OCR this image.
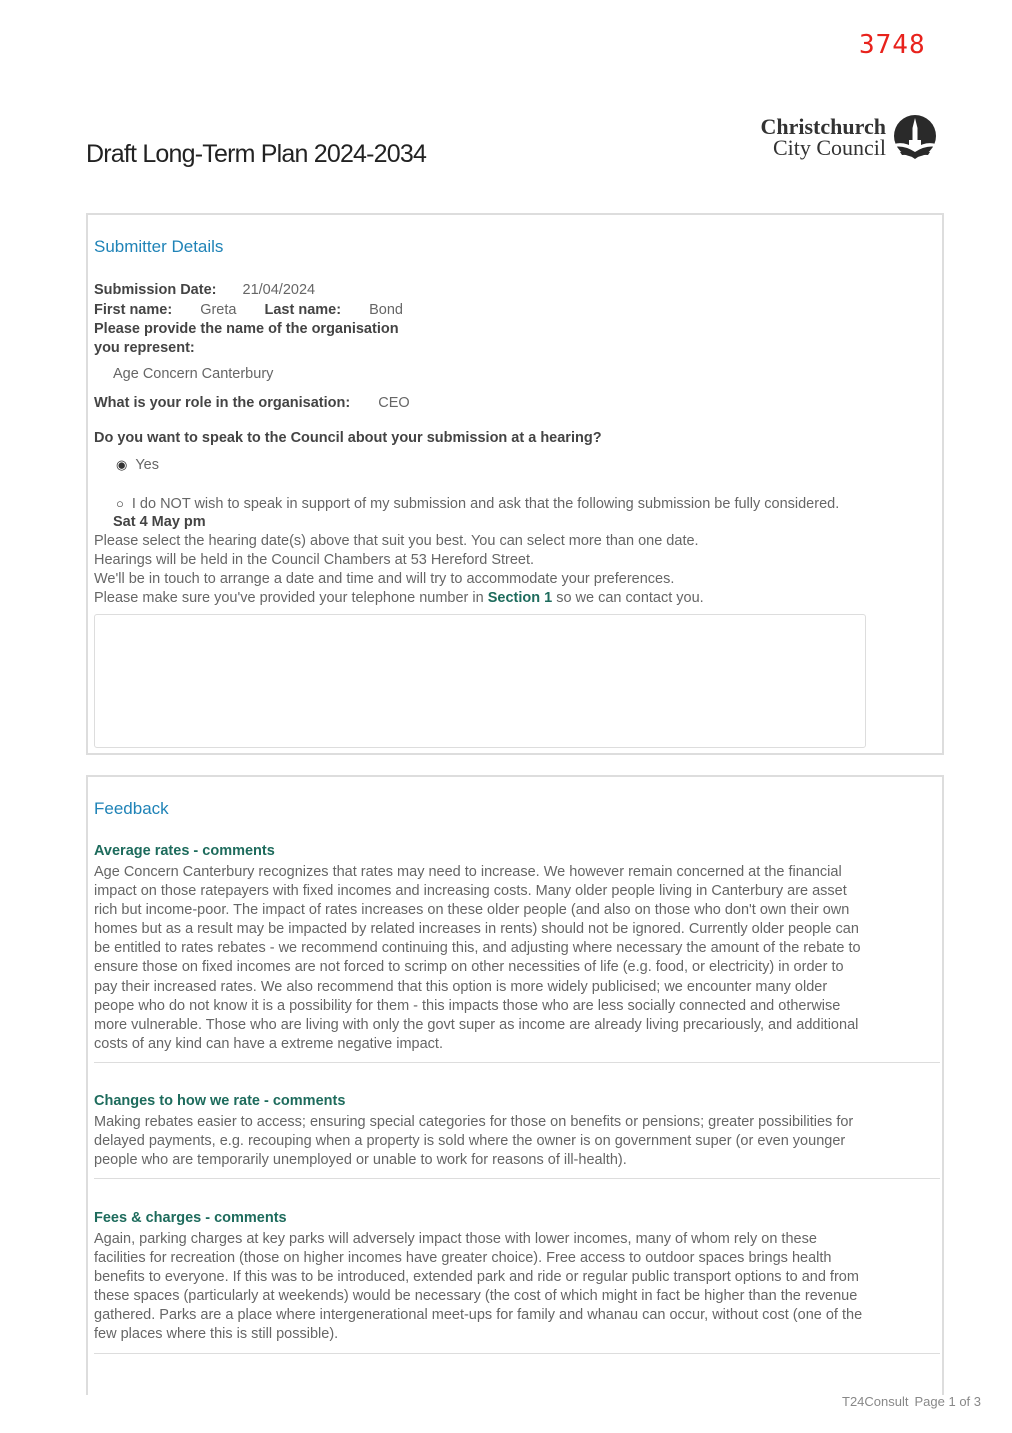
3748
Draft Long-Term Plan 2024-2034
Christchurch
City Council
Submitter Details
Submission Date: 21/04/2024
First name: Greta Last name: Bond
Please provide the name of the organisation
you represent:
Age Concern Canterbury
What is your role in the organisation: CEO
Do you want to speak to the Council about your submission at a hearing?
◉ Yes
○ I do NOT wish to speak in support of my submission and ask that the following submission be fully considered.
Sat 4 May pm
Please select the hearing date(s) above that suit you best. You can select more than one date.
Hearings will be held in the Council Chambers at 53 Hereford Street.
We'll be in touch to arrange a date and time and will try to accommodate your preferences.
Please make sure you've provided your telephone number in Section 1 so we can contact you.
Feedback
Average rates - comments
Age Concern Canterbury recognizes that rates may need to increase. We however remain concerned at the financial impact on those ratepayers with fixed incomes and increasing costs. Many older people living in Canterbury are asset rich but income-poor. The impact of rates increases on these older people (and also on those who don't own their own homes but as a result may be impacted by related increases in rents) should not be ignored. Currently older people can be entitled to rates rebates - we recommend continuing this, and adjusting where necessary the amount of the rebate to ensure those on fixed incomes are not forced to scrimp on other necessities of life (e.g. food, or electricity) in order to pay their increased rates. We also recommend that this option is more widely publicised; we encounter many older peope who do not know it is a possibility for them - this impacts those who are less socially connected and otherwise more vulnerable. Those who are living with only the govt super as income are already living precariously, and additional costs of any kind can have a extreme negative impact.
Changes to how we rate - comments
Making rebates easier to access; ensuring special categories for those on benefits or pensions; greater possibilities for delayed payments, e.g. recouping when a property is sold where the owner is on government super (or even younger people who are temporarily unemployed or unable to work for reasons of ill-health).
Fees & charges - comments
Again, parking charges at key parks will adversely impact those with lower incomes, many of whom rely on these facilities for recreation (those on higher incomes have greater choice). Free access to outdoor spaces brings health benefits to everyone. If this was to be introduced, extended park and ride or regular public transport options to and from these spaces (particularly at weekends) would be necessary (the cost of which might in fact be higher than the revenue gathered. Parks are a place where intergenerational meet-ups for family and whanau can occur, without cost (one of the few places where this is still possible).
T24Consult Page 1 of 3
